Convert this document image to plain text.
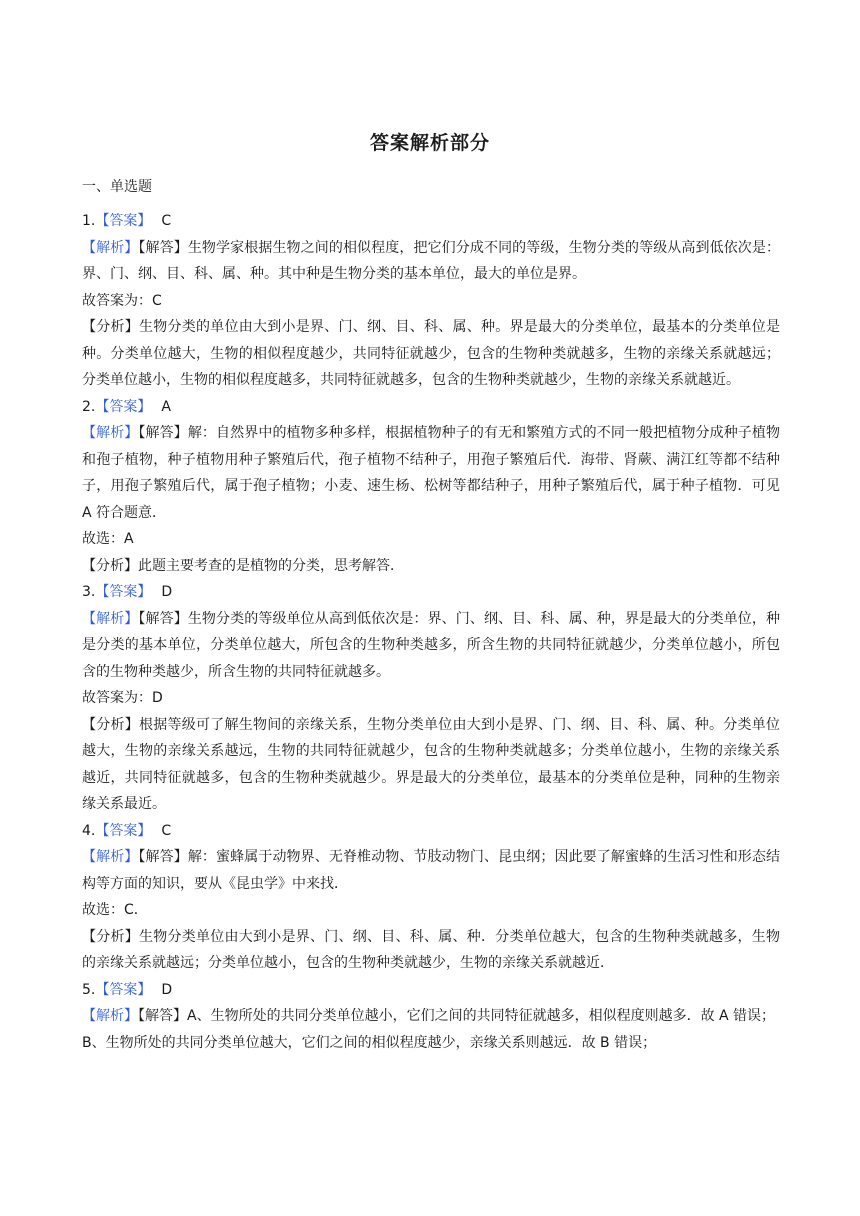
答案解析部分
一、单选题
1.【答案】 C
【解析】【解答】生物学家根据生物之间的相似程度，把它们分成不同的等级，生物分类的等级从高到低依次是：界、门、纲、目、科、属、种。其中种是生物分类的基本单位，最大的单位是界。
故答案为：C
【分析】生物分类的单位由大到小是界、门、纲、目、科、属、种。界是最大的分类单位，最基本的分类单位是种。分类单位越大，生物的相似程度越少，共同特征就越少，包含的生物种类就越多，生物的亲缘关系就越远；分类单位越小，生物的相似程度越多，共同特征就越多，包含的生物种类就越少，生物的亲缘关系就越近。
2.【答案】 A
【解析】【解答】解：自然界中的植物多种多样，根据植物种子的有无和繁殖方式的不同一般把植物分成种子植物和孢子植物，种子植物用种子繁殖后代，孢子植物不结种子，用孢子繁殖后代．海带、肾蕨、满江红等都不结种子，用孢子繁殖后代，属于孢子植物；小麦、速生杨、松树等都结种子，用种子繁殖后代，属于种子植物．可见 A 符合题意．
故选：A
【分析】此题主要考查的是植物的分类，思考解答．
3.【答案】 D
【解析】【解答】生物分类的等级单位从高到低依次是：界、门、纲、目、科、属、种，界是最大的分类单位，种是分类的基本单位，分类单位越大，所包含的生物种类越多，所含生物的共同特征就越少，分类单位越小，所包含的生物种类越少，所含生物的共同特征就越多。
故答案为：D
【分析】根据等级可了解生物间的亲缘关系，生物分类单位由大到小是界、门、纲、目、科、属、种。分类单位越大，生物的亲缘关系越远，生物的共同特征就越少，包含的生物种类就越多；分类单位越小，生物的亲缘关系越近，共同特征就越多，包含的生物种类就越少。界是最大的分类单位，最基本的分类单位是种，同种的生物亲缘关系最近。
4.【答案】 C
【解析】【解答】解：蜜蜂属于动物界、无脊椎动物、节肢动物门、昆虫纲；因此要了解蜜蜂的生活习性和形态结构等方面的知识，要从《昆虫学》中来找．
故选：C．
【分析】生物分类单位由大到小是界、门、纲、目、科、属、种．分类单位越大，包含的生物种类就越多，生物的亲缘关系就越远；分类单位越小，包含的生物种类就越少，生物的亲缘关系就越近．
5.【答案】 D
【解析】【解答】A、生物所处的共同分类单位越小，它们之间的共同特征就越多，相似程度则越多．故 A 错误；
B、生物所处的共同分类单位越大，它们之间的相似程度越少，亲缘关系则越远．故 B 错误；
